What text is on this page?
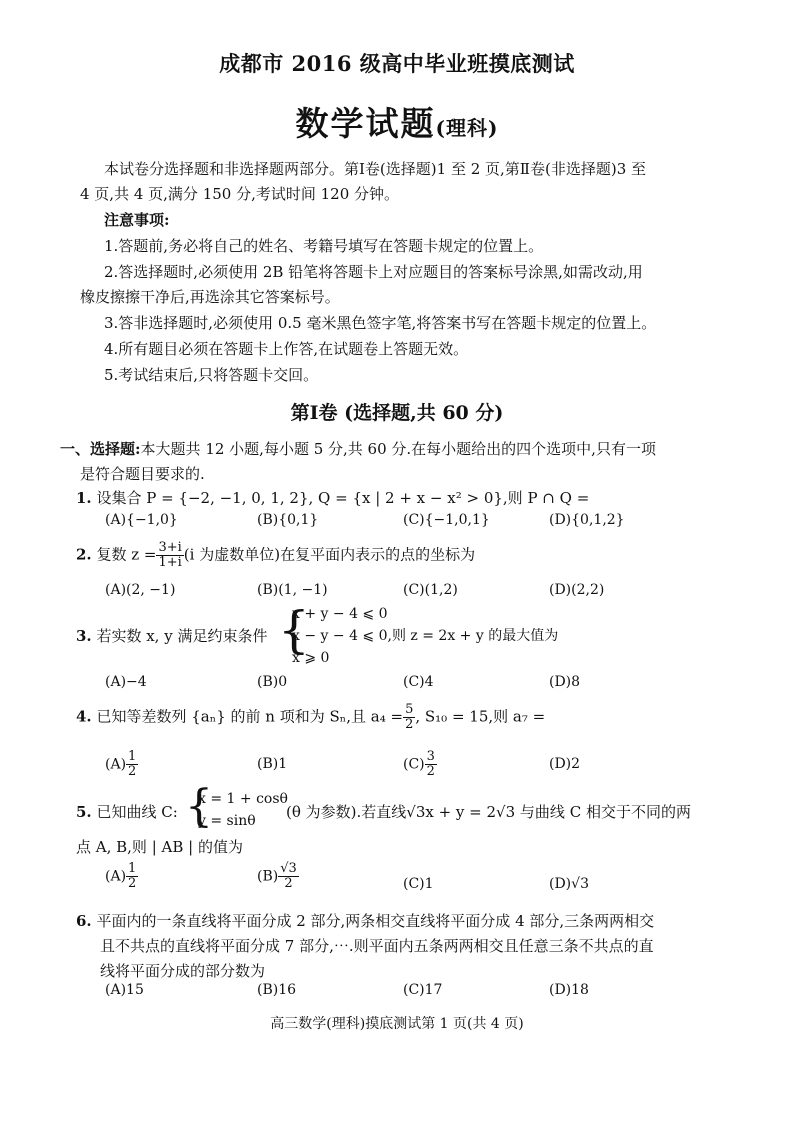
成都市 2016 级高中毕业班摸底测试
数学试题(理科)
本试卷分选择题和非选择题两部分。第Ⅰ卷(选择题)1 至 2 页,第Ⅱ卷(非选择题)3 至
4 页,共 4 页,满分 150 分,考试时间 120 分钟。
注意事项:
1.答题前,务必将自己的姓名、考籍号填写在答题卡规定的位置上。
2.答选择题时,必须使用 2B 铅笔将答题卡上对应题目的答案标号涂黑,如需改动,用
橡皮擦擦干净后,再选涂其它答案标号。
3.答非选择题时,必须使用 0.5 毫米黑色签字笔,将答案书写在答题卡规定的位置上。
4.所有题目必须在答题卡上作答,在试题卷上答题无效。
5.考试结束后,只将答题卡交回。
第Ⅰ卷 (选择题,共 60 分)
一、选择题:本大题共 12 小题,每小题 5 分,共 60 分.在每小题给出的四个选项中,只有一项
是符合题目要求的.
1. 设集合 P = {−2, −1, 0, 1, 2}, Q = {x | 2 + x − x² > 0},则 P ∩ Q =
(A){−1,0}	(B){0,1}	(C){−1,0,1}	(D){0,1,2}
2. 复数 $z = \frac{3+i}{1+i} (i$ 为虚数单位)在复平面内表示的点的坐标为
(A)(2, −1)	(B)(1, −1)	(C)(1,2)	(D)(2,2)
3. 若实数 x, y 满足约束条件 {
x + y − 4 ⩽ 0
x − y − 4 ⩽ 0,则 z = 2x + y 的最大值为
x ⩾ 0
(A)−4	(B)0	(C)4	(D)8
4. 已知等差数列 {aₙ} 的前 n 项和为 Sₙ,且 $a_4 = \frac{5}{2}$ , S₁₀ = 15,则 a₇ =
$(A) \frac{1}{2}$	(B)1	$(C) \frac{3}{2}$	(D)2
5. 已知曲线 C: {
x = 1 + cosθ
y = sinθ (θ 为参数).若直线√3x + y = 2√3 与曲线 C 相交于不同的两
点 A, B,则 | AB | 的值为
$(A) \frac{1}{2}$	$(B) \frac{√3}{2}$	(C)1	(D)√3
6. 平面内的一条直线将平面分成 2 部分,两条相交直线将平面分成 4 部分,三条两两相交
且不共点的直线将平面分成 7 部分,⋯.则平面内五条两两相交且任意三条不共点的直
线将平面分成的部分数为
(A)15	(B)16	(C)17	(D)18
高三数学(理科)摸底测试第 1 页(共 4 页)
